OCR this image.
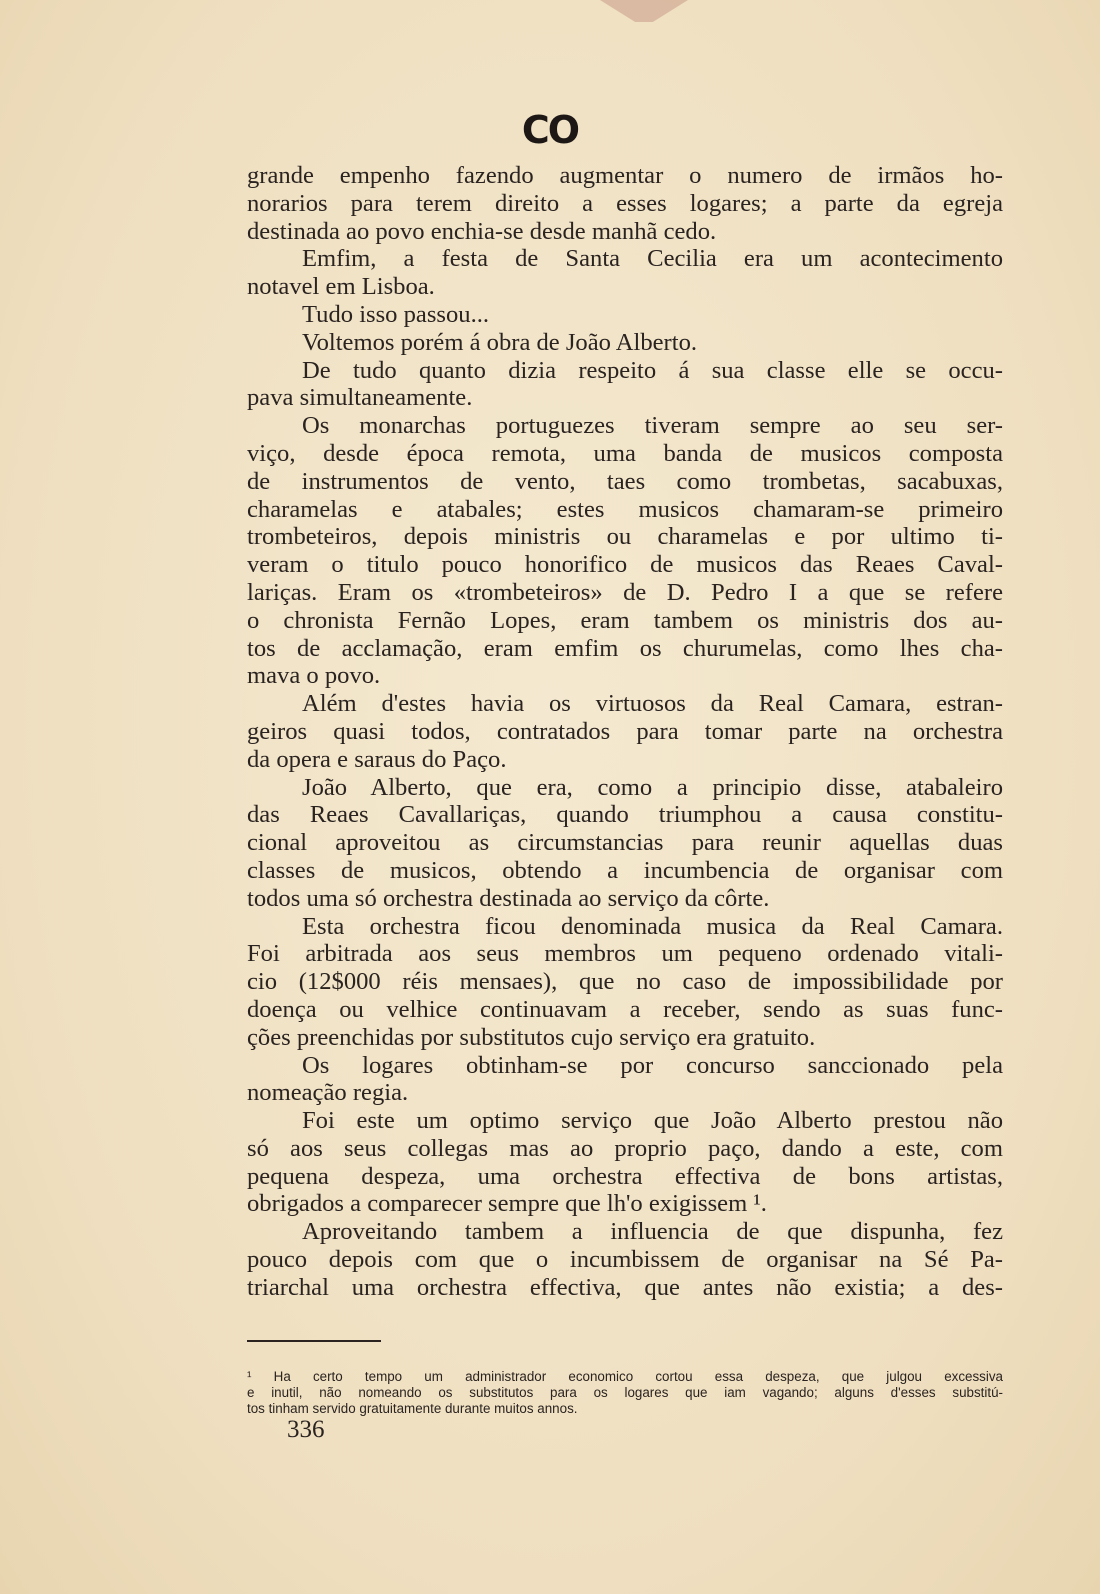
CO
grande empenho fazendo augmentar o numero de irmãos ho-
norarios para terem direito a esses logares; a parte da egreja
destinada ao povo enchia-se desde manhã cedo.
Emfim, a festa de Santa Cecilia era um acontecimento
notavel em Lisboa.
Tudo isso passou...
Voltemos porém á obra de João Alberto.
De tudo quanto dizia respeito á sua classe elle se occu-
pava simultaneamente.
Os monarchas portuguezes tiveram sempre ao seu ser-
viço, desde época remota, uma banda de musicos composta
de instrumentos de vento, taes como trombetas, sacabuxas,
charamelas e atabales; estes musicos chamaram-se primeiro
trombeteiros, depois ministris ou charamelas e por ultimo ti-
veram o titulo pouco honorifico de musicos das Reaes Caval-
lariças. Eram os «trombeteiros» de D. Pedro I a que se refere
o chronista Fernão Lopes, eram tambem os ministris dos au-
tos de acclamação, eram emfim os churumelas, como lhes cha-
mava o povo.
Além d'estes havia os virtuosos da Real Camara, estran-
geiros quasi todos, contratados para tomar parte na orchestra
da opera e saraus do Paço.
João Alberto, que era, como a principio disse, atabaleiro
das Reaes Cavallariças, quando triumphou a causa constitu-
cional aproveitou as circumstancias para reunir aquellas duas
classes de musicos, obtendo a incumbencia de organisar com
todos uma só orchestra destinada ao serviço da côrte.
Esta orchestra ficou denominada musica da Real Camara.
Foi arbitrada aos seus membros um pequeno ordenado vitali-
cio (12$000 réis mensaes), que no caso de impossibilidade por
doença ou velhice continuavam a receber, sendo as suas func-
ções preenchidas por substitutos cujo serviço era gratuito.
Os logares obtinham-se por concurso sanccionado pela
nomeação regia.
Foi este um optimo serviço que João Alberto prestou não
só aos seus collegas mas ao proprio paço, dando a este, com
pequena despeza, uma orchestra effectiva de bons artistas,
obrigados a comparecer sempre que lh'o exigissem ¹.
Aproveitando tambem a influencia de que dispunha, fez
pouco depois com que o incumbissem de organisar na Sé Pa-
triarchal uma orchestra effectiva, que antes não existia; a des-
¹ Ha certo tempo um administrador economico cortou essa despeza, que julgou excessiva
e inutil, não nomeando os substitutos para os logares que iam vagando; alguns d'esses substitú-
tos tinham servido gratuitamente durante muitos annos.
336
